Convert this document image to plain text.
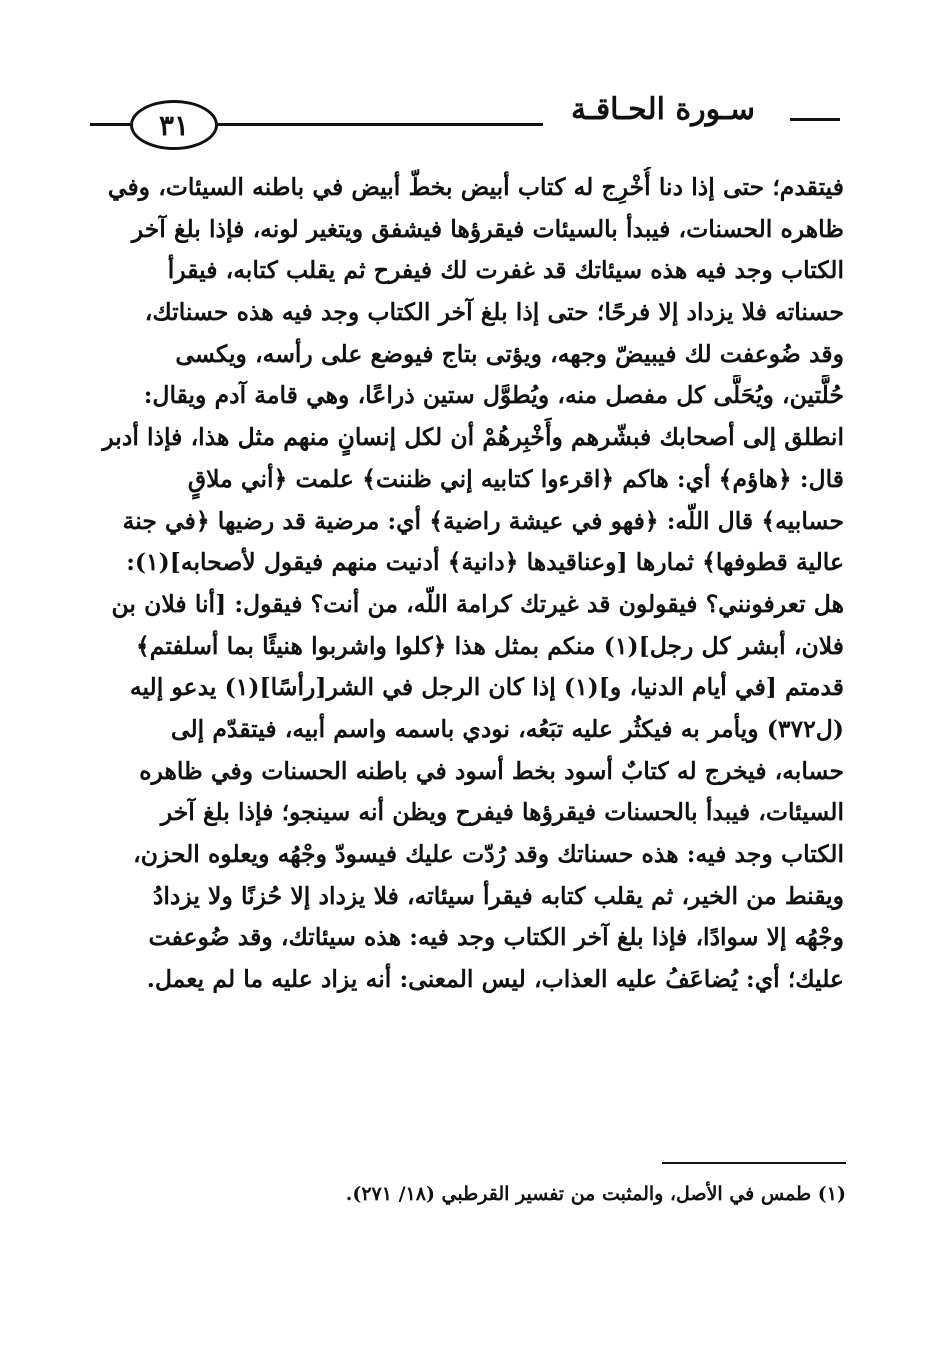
٣١	سـورة الحـاقـة
فيتقدم؛ حتى إذا دنا أُخْرِج له كتاب أبيض بخطّ أبيض في باطنه السيئات، وفي
ظاهره الحسنات، فيبدأ بالسيئات فيقرؤها فيشفق ويتغير لونه، فإذا بلغ آخر
الكتاب وجد فيه هذه سيئاتك قد غفرت لك فيفرح ثم يقلب كتابه، فيقرأ
حسناته فلا يزداد إلا فرحًا؛ حتى إذا بلغ آخر الكتاب وجد فيه هذه حسناتك،
وقد ضُوعفت لك فيبيضّ وجهه، ويؤتى بتاج فيوضع على رأسه، ويكسى
حُلَّتين، ويُحَلَّى كل مفصل منه، ويُطوَّل ستين ذراعًا، وهي قامة آدم ويقال:
انطلق إلى أصحابك فبشّرهم وأَخْبِرهُمْ أن لكل إنسانٍ منهم مثل هذا، فإذا أدبر
قال: ﴿هاؤم﴾ أي: هاكم ﴿اقرءوا كتابيه إني ظننت﴾ علمت ﴿أني ملاقٍ
حسابيه﴾ قال اللّه: ﴿فهو في عيشة راضية﴾ أي: مرضية قد رضيها ﴿في جنة
عالية قطوفها﴾ ثمارها [وعناقيدها ﴿دانية﴾ أدنيت منهم فيقول لأصحابه](١):
هل تعرفونني؟ فيقولون قد غيرتك كرامة اللّه، من أنت؟ فيقول: [أنا فلان بن
فلان، أبشر كل رجل](١) منكم بمثل هذا ﴿كلوا واشربوا هنيئًا بما أسلفتم﴾
قدمتم [في أيام الدنيا، و](١) إذا كان الرجل في الشر[رأسًا](١) يدعو إليه
(ل٣٧٢) ويأمر به فيكثُر عليه تبَعُه، نودي باسمه واسم أبيه، فيتقدّم إلى
حسابه، فيخرج له كتابٌ أسود بخط أسود في باطنه الحسنات وفي ظاهره
السيئات، فيبدأ بالحسنات فيقرؤها فيفرح ويظن أنه سينجو؛ فإذا بلغ آخر
الكتاب وجد فيه: هذه حسناتك وقد رُدّت عليك فيسودّ وجْهُه ويعلوه الحزن،
ويقنط من الخير، ثم يقلب كتابه فيقرأ سيئاته، فلا يزداد إلا حُزنًا ولا يزدادُ
وجْهُه إلا سوادًا، فإذا بلغ آخر الكتاب وجد فيه: هذه سيئاتك، وقد ضُوعفت
عليك؛ أي: يُضاعَفُ عليه العذاب، ليس المعنى: أنه يزاد عليه ما لم يعمل.
(١) طمس في الأصل، والمثبت من تفسير القرطبي (١٨/ ٢٧١).
